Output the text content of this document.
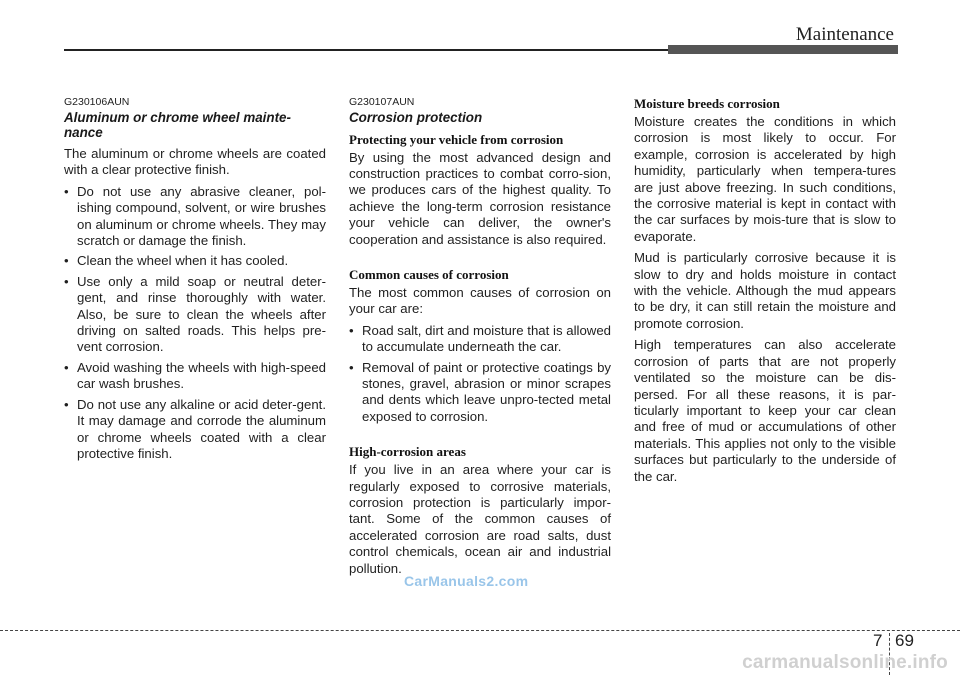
Maintenance
G230106AUN
Aluminum or chrome wheel mainte-nance

The aluminum or chrome wheels are coated with a clear protective finish.

• Do not use any abrasive cleaner, pol-ishing compound, solvent, or wire brushes on aluminum or chrome wheels. They may scratch or damage the finish.
• Clean the wheel when it has cooled.
• Use only a mild soap or neutral deter-gent, and rinse thoroughly with water. Also, be sure to clean the wheels after driving on salted roads. This helps pre-vent corrosion.
• Avoid washing the wheels with high-speed car wash brushes.
• Do not use any alkaline or acid deter-gent. It may damage and corrode the aluminum or chrome wheels coated with a clear protective finish.
G230107AUN
Corrosion protection
Protecting your vehicle from corrosion

By using the most advanced design and construction practices to combat corro-sion, we produces cars of the highest quality. To achieve the long-term corrosion resistance your vehicle can deliver, the owner's cooperation and assistance is also required.

Common causes of corrosion

The most common causes of corrosion on your car are:

• Road salt, dirt and moisture that is allowed to accumulate underneath the car.
• Removal of paint or protective coatings by stones, gravel, abrasion or minor scrapes and dents which leave unpro-tected metal exposed to corrosion.
High-corrosion areas

If you live in an area where your car is regularly exposed to corrosive materials, corrosion protection is particularly impor-tant. Some of the common causes of accelerated corrosion are road salts, dust control chemicals, ocean air and industrial pollution.

Moisture breeds corrosion

Moisture creates the conditions in which corrosion is most likely to occur. For example, corrosion is accelerated by high humidity, particularly when tempera-tures are just above freezing. In such conditions, the corrosive material is kept in contact with the car surfaces by mois-ture that is slow to evaporate.

Mud is particularly corrosive because it is slow to dry and holds moisture in contact with the vehicle. Although the mud appears to be dry, it can still retain the moisture and promote corrosion.

High temperatures can also accelerate corrosion of parts that are not properly ventilated so the moisture can be dis-persed. For all these reasons, it is par-ticularly important to keep your car clean and free of mud or accumulations of other materials. This applies not only to the visible surfaces but particularly to the underside of the car.

CarManuals2.com
7 69
carmanualsonline.info
